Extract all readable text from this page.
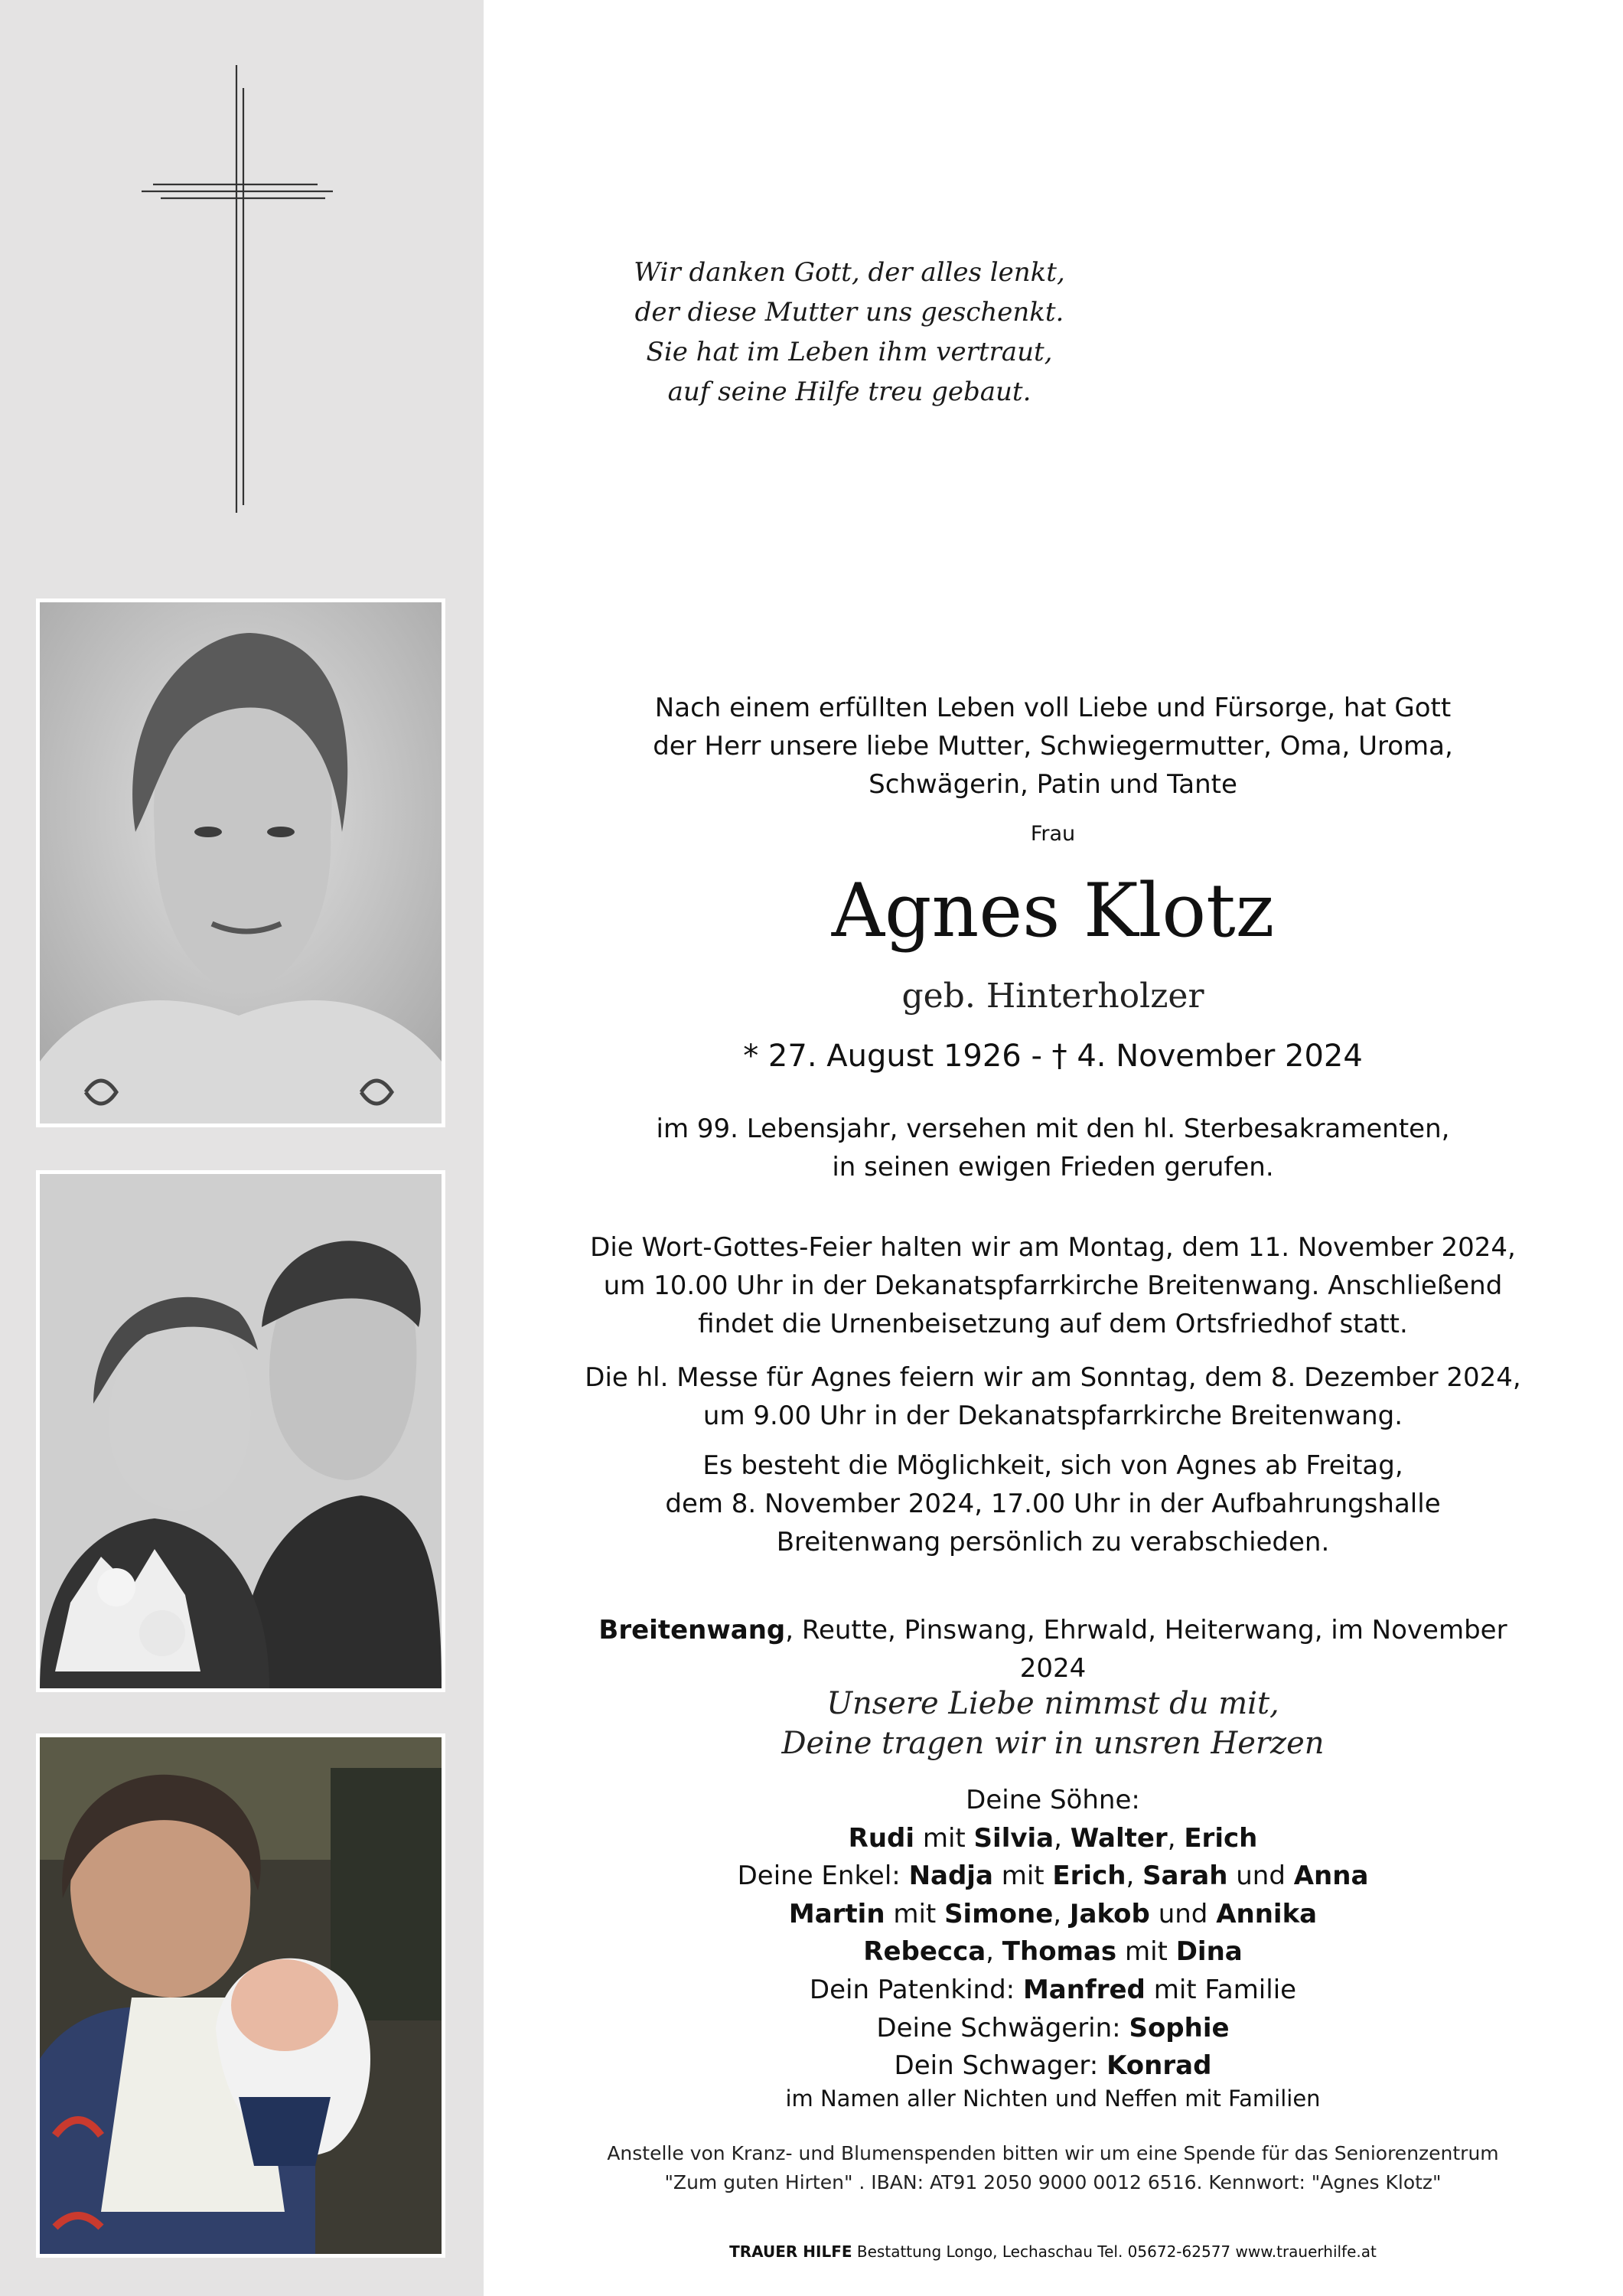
Wir danken Gott, der alles lenkt,
der diese Mutter uns geschenkt.
Sie hat im Leben ihm vertraut,
auf seine Hilfe treu gebaut.
Nach einem erfüllten Leben voll Liebe und Fürsorge, hat Gott
der Herr unsere liebe Mutter, Schwiegermutter, Oma, Uroma,
Schwägerin, Patin und Tante
Frau
Agnes Klotz
geb. Hinterholzer
* 27. August 1926 - † 4. November 2024
im 99. Lebensjahr, versehen mit den hl. Sterbesakramenten,
in seinen ewigen Frieden gerufen.
Die Wort-Gottes-Feier halten wir am Montag, dem 11. November 2024,
um 10.00 Uhr in der Dekanatspfarrkirche Breitenwang. Anschließend
findet die Urnenbeisetzung auf dem Ortsfriedhof statt.
Die hl. Messe für Agnes feiern wir am Sonntag, dem 8. Dezember 2024,
um 9.00 Uhr in der Dekanatspfarrkirche Breitenwang.
Es besteht die Möglichkeit, sich von Agnes ab Freitag,
dem 8. November 2024, 17.00 Uhr in der Aufbahrungshalle
Breitenwang persönlich zu verabschieden.
Breitenwang, Reutte, Pinswang, Ehrwald, Heiterwang, im November 2024
Unsere Liebe nimmst du mit,
Deine tragen wir in unsren Herzen
Deine Söhne:
Rudi mit Silvia, Walter, Erich
Deine Enkel: Nadja mit Erich, Sarah und Anna
Martin mit Simone, Jakob und Annika
Rebecca, Thomas mit Dina
Dein Patenkind: Manfred mit Familie
Deine Schwägerin: Sophie
Dein Schwager: Konrad
im Namen aller Nichten und Neffen mit Familien
Anstelle von Kranz- und Blumenspenden bitten wir um eine Spende für das Seniorenzentrum
"Zum guten Hirten" . IBAN: AT91 2050 9000 0012 6516. Kennwort: "Agnes Klotz"
TRAUER HILFE Bestattung Longo, Lechaschau Tel. 05672-62577 www.trauerhilfe.at
